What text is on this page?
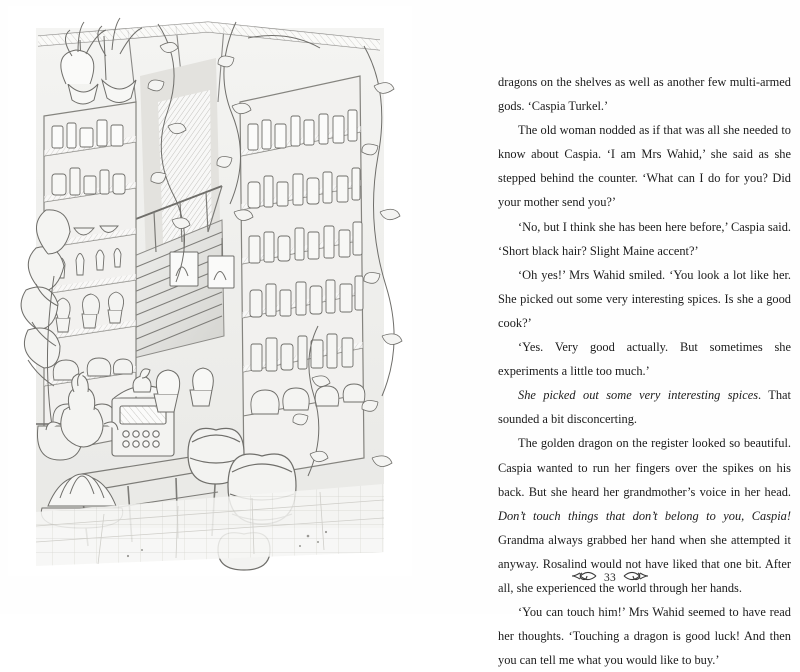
dragons on the shelves as well as another few multi-armed gods. ‘Caspia Turkel.’

The old woman nodded as if that was all she needed to know about Caspia. ‘I am Mrs Wahid,’ she said as she stepped behind the counter. ‘What can I do for you? Did your mother send you?’

‘No, but I think she has been here before,’ Caspia said. ‘Short black hair? Slight Maine accent?’

‘Oh yes!’ Mrs Wahid smiled. ‘You look a lot like her. She picked out some very interesting spices. Is she a good cook?’

‘Yes. Very good actually. But sometimes she experiments a little too much.’

She picked out some very interesting spices. That sounded a bit disconcerting.

The golden dragon on the register looked so beautiful. Caspia wanted to run her fingers over the spikes on his back. But she heard her grandmother’s voice in her head. Don’t touch things that don’t belong to you, Caspia! Grandma always grabbed her hand when she attempted it anyway. Rosalind would not have liked that one bit. After all, she experienced the world through her hands.

‘You can touch him!’ Mrs Wahid seemed to have read her thoughts. ‘Touching a dragon is good luck! And then you can tell me what you would like to buy.’

33
